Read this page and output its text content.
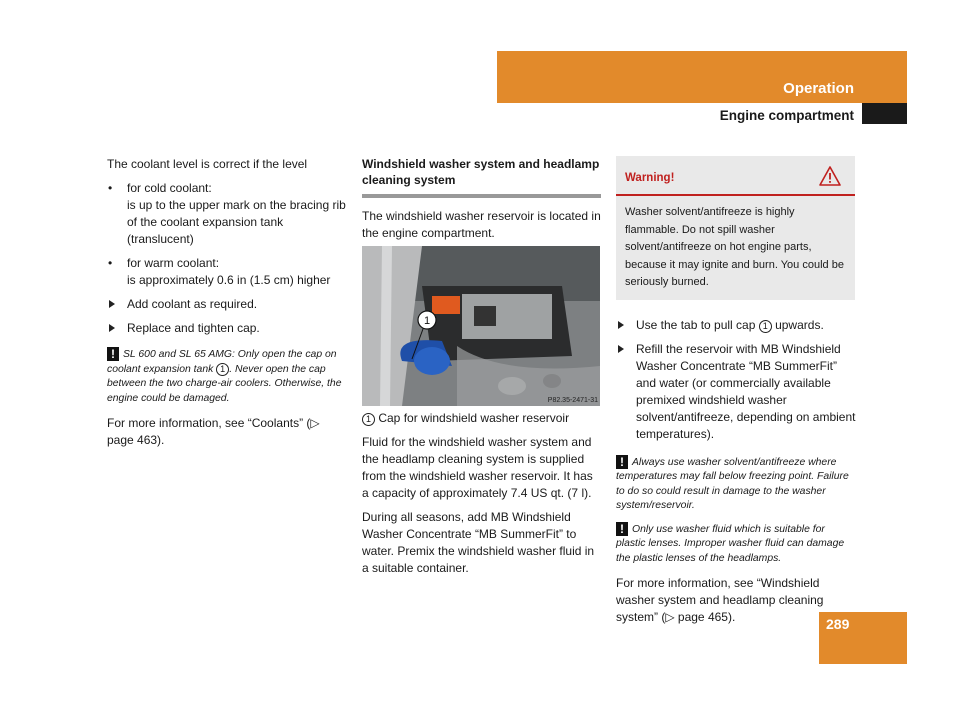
Operation
Engine compartment

The coolant level is correct if the level

• for cold coolant:
is up to the upper mark on the bracing rib of the coolant expansion tank (translucent)
• for warm coolant:
is approximately 0.6 in (1.5 cm) higher
Add coolant as required.
Replace and tighten cap.

! SL 600 and SL 65 AMG: Only open the cap on coolant expansion tank 1 . Never open the cap between the two charge-air coolers. Otherwise, the engine could be damaged.

For more information, see “Coolants” (▷ page 463).

Windshield washer system and headlamp cleaning system

The windshield washer reservoir is located in the engine compartment.

1
P82.35-2471-31

1 Cap for windshield washer reservoir

Fluid for the windshield washer system and the headlamp cleaning system is supplied from the windshield washer reservoir. It has a capacity of approximately 7.4 US qt. (7 l).

During all seasons, add MB Windshield Washer Concentrate “MB SummerFit” to water. Premix the windshield washer fluid in a suitable container.

Warning!
Washer solvent/antifreeze is highly flammable. Do not spill washer solvent/antifreeze on hot engine parts, because it may ignite and burn. You could be seriously burned.
Use the tab to pull cap 1 upwards.
Refill the reservoir with MB Windshield Washer Concentrate “MB SummerFit” and water (or commercially available premixed windshield washer solvent/antifreeze, depending on ambient temperatures).

! Always use washer solvent/antifreeze where temperatures may fall below freezing point. Failure to do so could result in damage to the washer system/reservoir.

! Only use washer fluid which is suitable for plastic lenses. Improper washer fluid can damage the plastic lenses of the headlamps.

For more information, see “Windshield washer system and headlamp cleaning system” (▷ page 465).	289
